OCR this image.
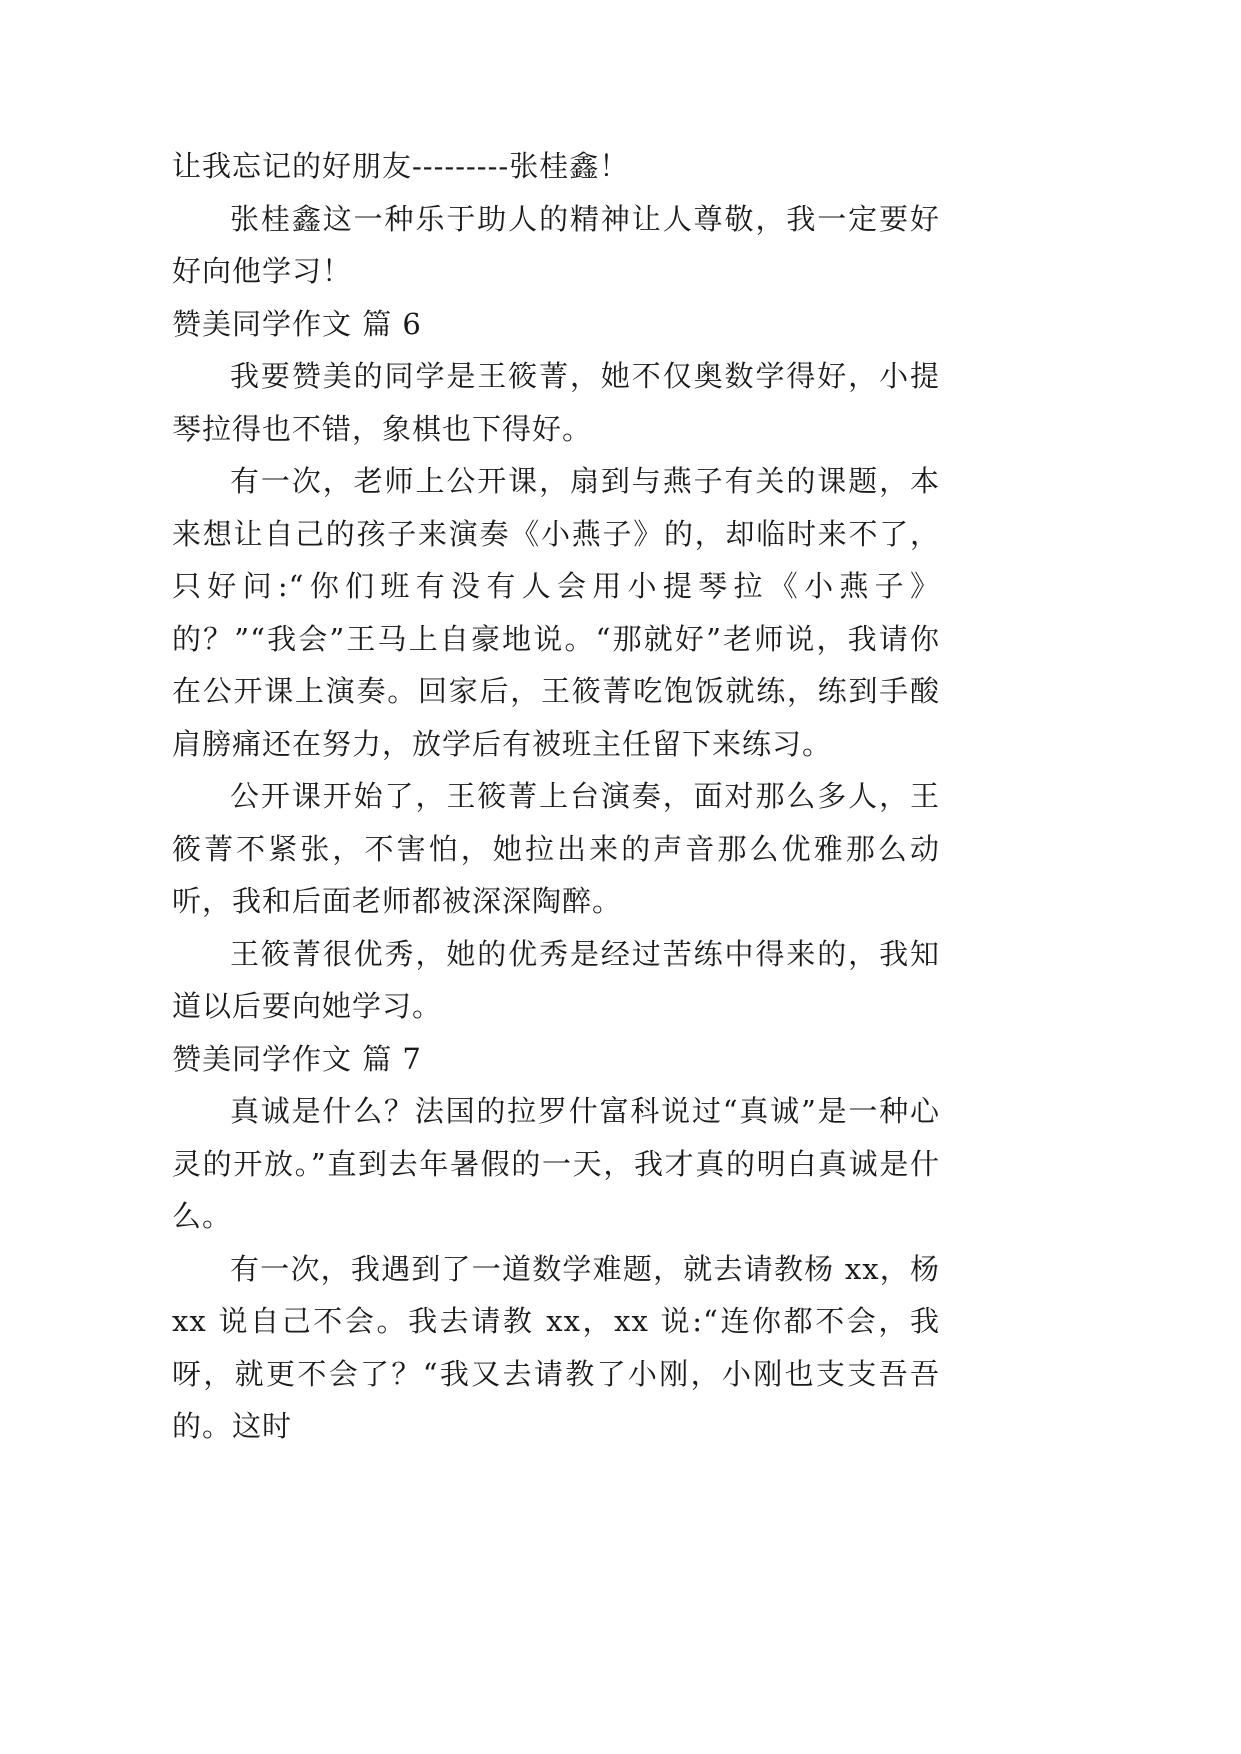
让我忘记的好朋友---------张桂鑫！

张桂鑫这一种乐于助人的精神让人尊敬，我一定要好好向他学习！

赞美同学作文 篇 6

我要赞美的同学是王筱菁，她不仅奥数学得好，小提琴拉得也不错，象棋也下得好。

有一次，老师上公开课，扇到与燕子有关的课题，本来想让自己的孩子来演奏《小燕子》的，却临时来不了，只好问:“你们班有没有人会用小提琴拉《小燕子》的？”“我会”王马上自豪地说。“那就好”老师说，我请你在公开课上演奏。回家后，王筱菁吃饱饭就练，练到手酸肩膀痛还在努力，放学后有被班主任留下来练习。

公开课开始了，王筱菁上台演奏，面对那么多人，王筱菁不紧张，不害怕，她拉出来的声音那么优雅那么动听，我和后面老师都被深深陶醉。

王筱菁很优秀，她的优秀是经过苦练中得来的，我知道以后要向她学习。

赞美同学作文 篇 7

真诚是什么？法国的拉罗什富科说过“真诚”是一种心灵的开放。”直到去年暑假的一天，我才真的明白真诚是什么。

有一次，我遇到了一道数学难题，就去请教杨 xx，杨 xx 说自己不会。我去请教 xx，xx 说:“连你都不会，我呀，就更不会了？“我又去请教了小刚，小刚也支支吾吾的。这时
